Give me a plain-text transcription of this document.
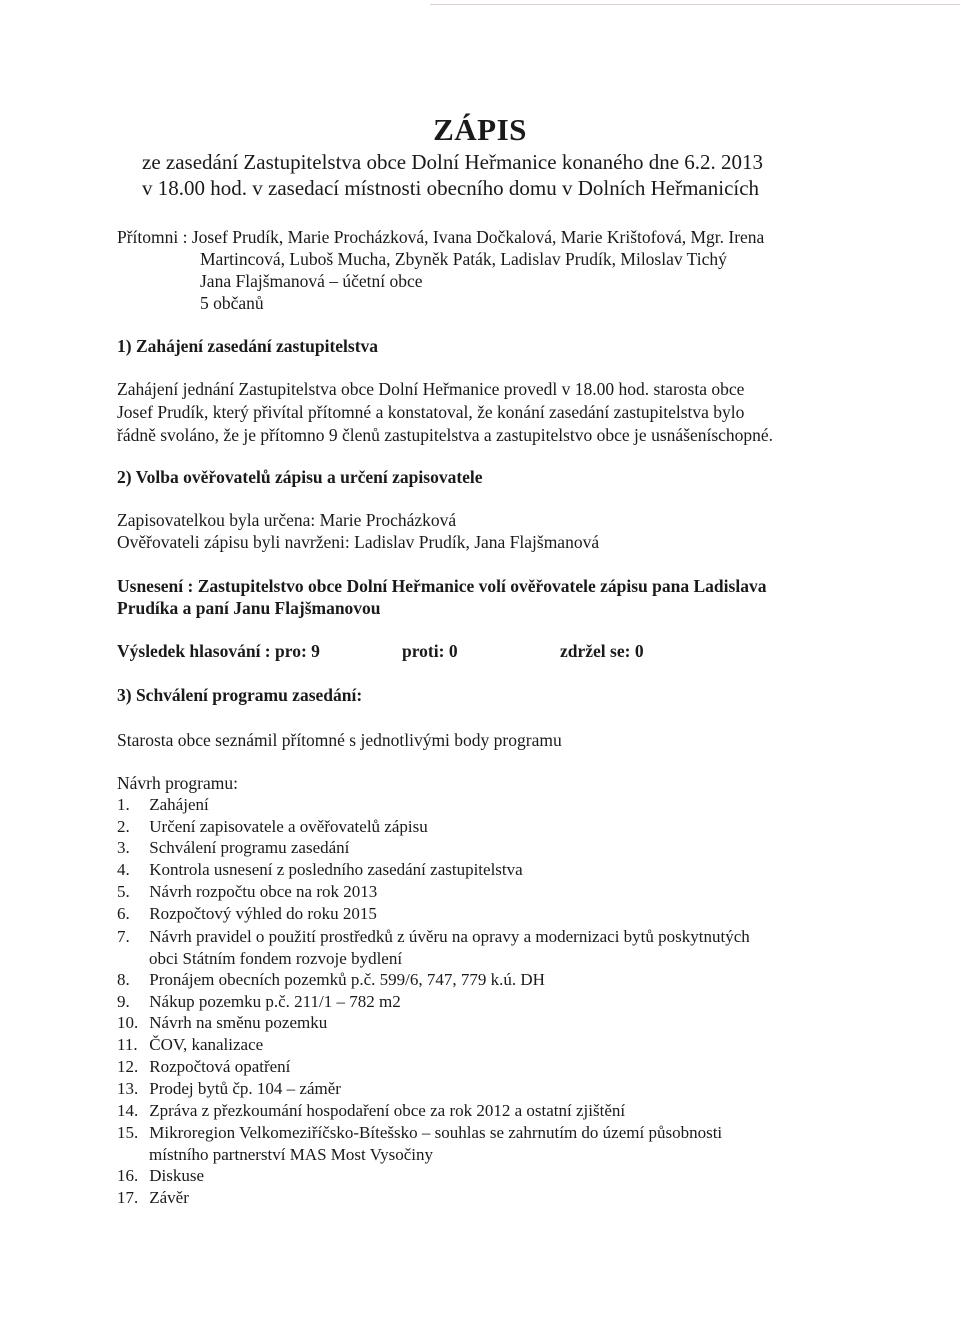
ZÁPIS
ze zasedání Zastupitelstva obce Dolní Heřmanice konaného dne 6.2. 2013
v 18.00 hod. v zasedací místnosti obecního domu v Dolních Heřmanicích
Přítomni : Josef Prudík, Marie Procházková, Ivana Dočkalová, Marie Krištofová, Mgr. Irena
Martincová, Luboš Mucha, Zbyněk Paták, Ladislav Prudík, Miloslav Tichý
Jana Flajšmanová – účetní obce
5 občanů
1) Zahájení zasedání zastupitelstva
Zahájení jednání Zastupitelstva obce Dolní Heřmanice provedl v 18.00 hod. starosta obce
Josef Prudík, který přivítal přítomné a konstatoval, že konání zasedání zastupitelstva bylo
řádně svoláno, že je přítomno 9 členů zastupitelstva a zastupitelstvo obce je usnášeníschopné.
2) Volba ověřovatelů zápisu a určení zapisovatele
Zapisovatelkou byla určena: Marie Procházková
Ověřovateli zápisu byli navrženi: Ladislav Prudík, Jana Flajšmanová
Usnesení : Zastupitelstvo obce Dolní Heřmanice volí ověřovatele zápisu pana Ladislava
Prudíka a paní Janu Flajšmanovou
Výsledek hlasování : pro: 9	proti: 0	zdržel se: 0
3) Schválení programu zasedání:
Starosta obce seznámil přítomné s jednotlivými body programu
Návrh programu:
1. Zahájení
2. Určení zapisovatele a ověřovatelů zápisu
3. Schválení programu zasedání
4. Kontrola usnesení z posledního zasedání zastupitelstva
5. Návrh rozpočtu obce na rok 2013
6. Rozpočtový výhled do roku 2015
7. Návrh pravidel o použití prostředků z úvěru na opravy a modernizaci bytů poskytnutých
obci Státním fondem rozvoje bydlení
8. Pronájem obecních pozemků p.č. 599/6, 747, 779 k.ú. DH
9. Nákup pozemku p.č. 211/1 – 782 m2
10. Návrh na směnu pozemku
11. ČOV, kanalizace
12. Rozpočtová opatření
13. Prodej bytů čp. 104 – záměr
14. Zpráva z přezkoumání hospodaření obce za rok 2012 a ostatní zjištění
15. Mikroregion Velkomeziříčsko-Bítešsko – souhlas se zahrnutím do území působnosti
místního partnerství MAS Most Vysočiny
16. Diskuse
17. Závěr
